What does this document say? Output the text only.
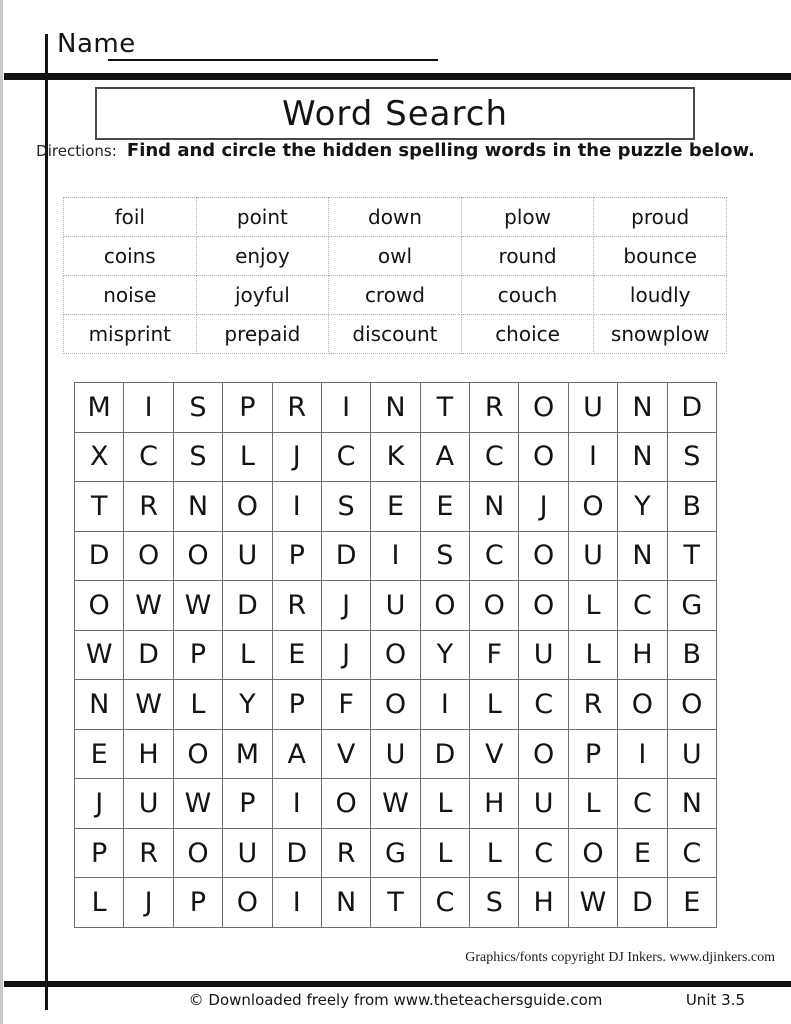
Name
Word Search
Directions: Find and circle the hidden spelling words in the puzzle below.
foil	point	down	plow	proud
coins	enjoy	owl	round	bounce
noise	joyful	crowd	couch	loudly
misprint	prepaid	discount	choice	snowplow
M	I	S	P	R	I	N	T	R	O	U	N	D
X	C	S	L	J	C	K	A	C	O	I	N	S
T	R	N	O	I	S	E	E	N	J	O	Y	B
D	O	O	U	P	D	I	S	C	O	U	N	T
O W W D	R	J	U	O	O	O	L	C	G
W D	P	L	E	J	O	Y	F	U	L	H	B
N W	L	Y	P	F	O	I	L	C	R	O	O
E	H	O	M	A	V	U	D	V	O	P	I	U
J	U W	P	I	O W	L	H	U	L	C	N
P	R	O	U	D	R	G	L	L	C	O	E	C
L	J	P	O	I	N	T	C	S	H W D	E
Graphics/fonts copyright DJ Inkers. www.djinkers.com
© Downloaded freely from www.theteachersguide.com	Unit 3.5
